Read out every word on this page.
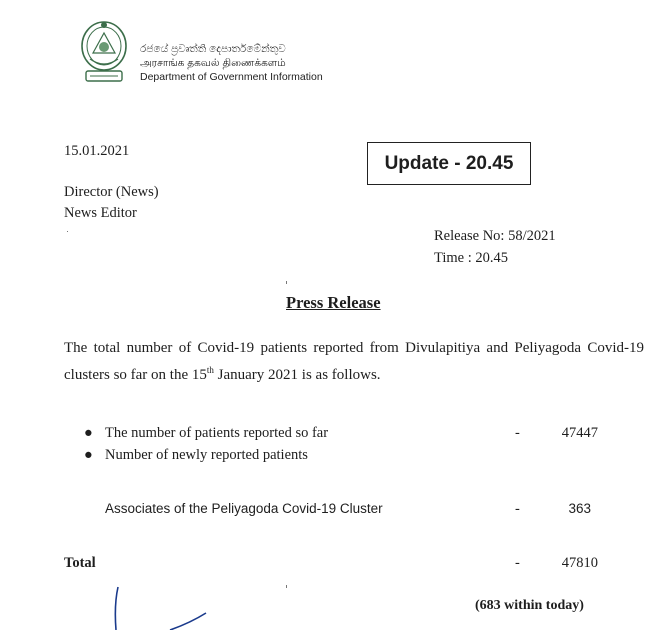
රජයේ ප්‍රවෘත්ති දෙපාර්තමේන්තුව
அரசாங்க தகவல் திணைக்களம்
Department of Government Information
15.01.2021
Update - 20.45
Director (News)
News Editor
Release No: 58/2021
Time : 20.45
Press Release
The total number of Covid-19 patients reported from Divulapitiya and Peliyagoda Covid-19 clusters so far on the 15th January 2021 is as follows.
● The number of patients reported so far	-	47447
● Number of newly reported patients
Associates of the Peliyagoda Covid-19 Cluster	-	363
Total	-	47810
(683 within today)
